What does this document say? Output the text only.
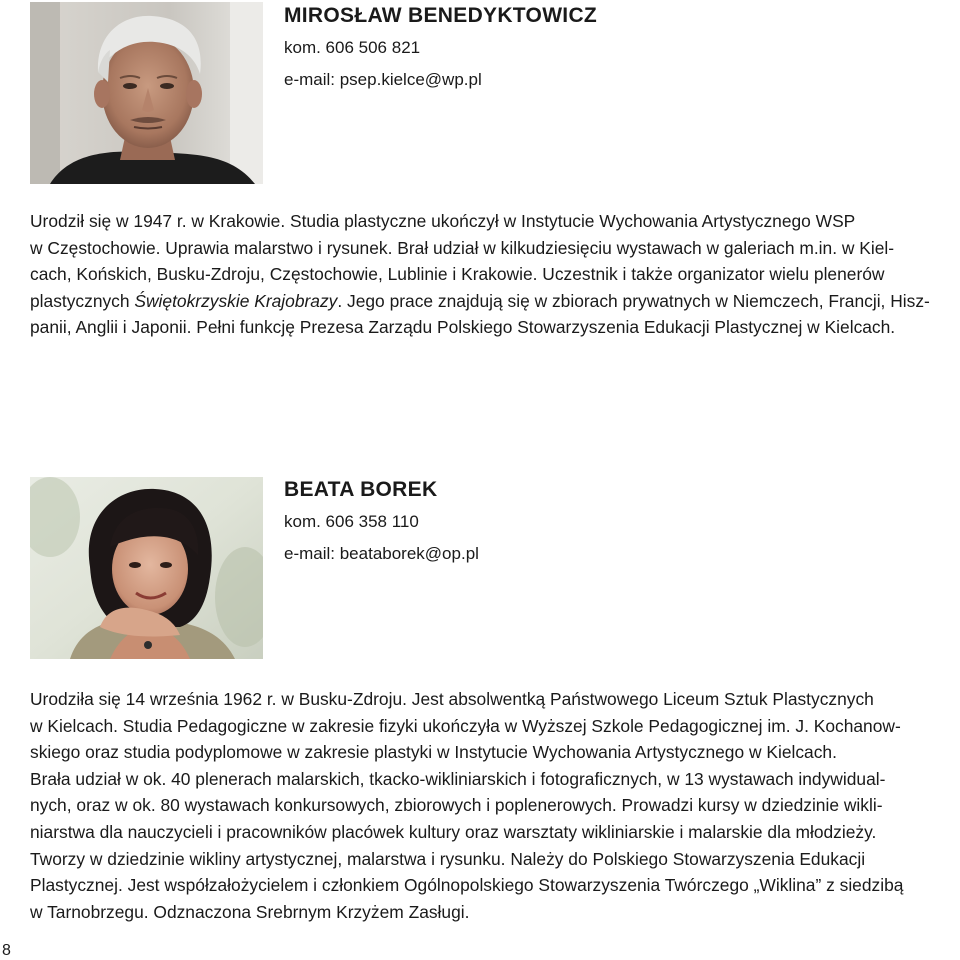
MIROSŁAW BENEDYKTOWICZ
kom. 606 506 821
e-mail: psep.kielce@wp.pl
Urodził się w 1947 r. w Krakowie. Studia plastyczne ukończył w Instytucie Wychowania Artystycznego WSP
w Częstochowie. Uprawia malarstwo i rysunek. Brał udział w kilkudziesięciu wystawach w galeriach m.in. w Kiel-
cach, Końskich, Busku-Zdroju, Częstochowie, Lublinie i Krakowie. Uczestnik i także organizator wielu plenerów
plastycznych Świętokrzyskie Krajobrazy. Jego prace znajdują się w zbiorach prywatnych w Niemczech, Francji, Hisz-
panii, Anglii i Japonii. Pełni funkcję Prezesa Zarządu Polskiego Stowarzyszenia Edukacji Plastycznej w Kielcach.
BEATA BOREK
kom. 606 358 110
e-mail: beataborek@op.pl
Urodziła się 14 września 1962 r. w Busku-Zdroju. Jest absolwentką Państwowego Liceum Sztuk Plastycznych
w Kielcach. Studia Pedagogiczne w zakresie fizyki ukończyła w Wyższej Szkole Pedagogicznej im. J. Kochanow-
skiego oraz studia podyplomowe w zakresie plastyki w Instytucie Wychowania Artystycznego w Kielcach.
Brała udział w ok. 40 plenerach malarskich, tkacko-wikliniarskich i fotograficznych, w 13 wystawach indywidual-
nych, oraz w ok. 80 wystawach konkursowych, zbiorowych i poplenerowych. Prowadzi kursy w dziedzinie wikli-
niarstwa dla nauczycieli i pracowników placówek kultury oraz warsztaty wikliniarskie i malarskie dla młodzieży.
Tworzy w dziedzinie wikliny artystycznej, malarstwa i rysunku. Należy do Polskiego Stowarzyszenia Edukacji
Plastycznej. Jest współzałożycielem i członkiem Ogólnopolskiego Stowarzyszenia Twórczego „Wiklina” z siedzibą
w Tarnobrzegu. Odznaczona Srebrnym Krzyżem Zasługi.
8
